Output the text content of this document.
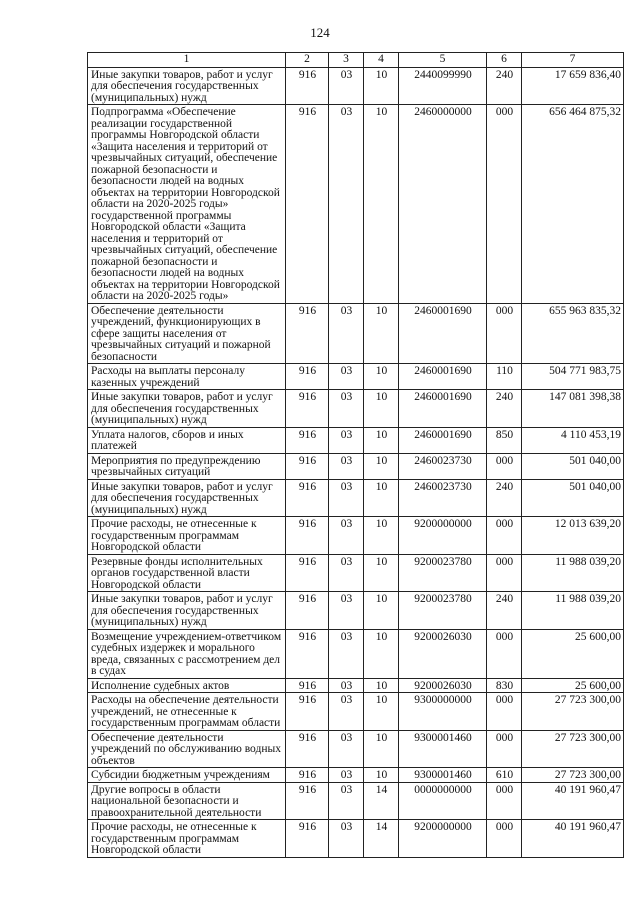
124
1	2	3	4	5	6	7
Иные закупки товаров, работ и услуг для обеспечения государственных (муниципальных) нужд	916	03	10	2440099990	240	17 659 836,40
Подпрограмма «Обеспечение реализации государственной программы Новгородской области «Защита населения и территорий от чрезвычайных ситуаций, обеспечение пожарной безопасности и безопасности людей на водных объектах на территории Новгородской области на 2020-2025 годы» государственной программы Новгородской области «Защита населения и территорий от чрезвычайных ситуаций, обеспечение пожарной безопасности и безопасности людей на водных объектах на территории Новгородской области на 2020-2025 годы»	916	03	10	2460000000	000	656 464 875,32
Обеспечение деятельности учреждений, функционирующих в сфере защиты населения от чрезвычайных ситуаций и пожарной безопасности	916	03	10	2460001690	000	655 963 835,32
Расходы на выплаты персоналу казенных учреждений	916	03	10	2460001690	110	504 771 983,75
Иные закупки товаров, работ и услуг для обеспечения государственных (муниципальных) нужд	916	03	10	2460001690	240	147 081 398,38
Уплата налогов, сборов и иных платежей	916	03	10	2460001690	850	4 110 453,19
Мероприятия по предупреждению чрезвычайных ситуаций	916	03	10	2460023730	000	501 040,00
Иные закупки товаров, работ и услуг для обеспечения государственных (муниципальных) нужд	916	03	10	2460023730	240	501 040,00
Прочие расходы, не отнесенные к государственным программам Новгородской области	916	03	10	9200000000	000	12 013 639,20
Резервные фонды исполнительных органов государственной власти Новгородской области	916	03	10	9200023780	000	11 988 039,20
Иные закупки товаров, работ и услуг для обеспечения государственных (муниципальных) нужд	916	03	10	9200023780	240	11 988 039,20
Возмещение учреждением-ответчиком судебных издержек и морального вреда, связанных с рассмотрением дел в судах	916	03	10	9200026030	000	25 600,00
Исполнение судебных актов	916	03	10	9200026030	830	25 600,00
Расходы на обеспечение деятельности учреждений, не отнесенные к государственным программам области	916	03	10	9300000000	000	27 723 300,00
Обеспечение деятельности учреждений по обслуживанию водных объектов	916	03	10	9300001460	000	27 723 300,00
Субсидии бюджетным учреждениям	916	03	10	9300001460	610	27 723 300,00
Другие вопросы в области национальной безопасности и правоохранительной деятельности	916	03	14	0000000000	000	40 191 960,47
Прочие расходы, не отнесенные к государственным программам Новгородской области	916	03	14	9200000000	000	40 191 960,47
